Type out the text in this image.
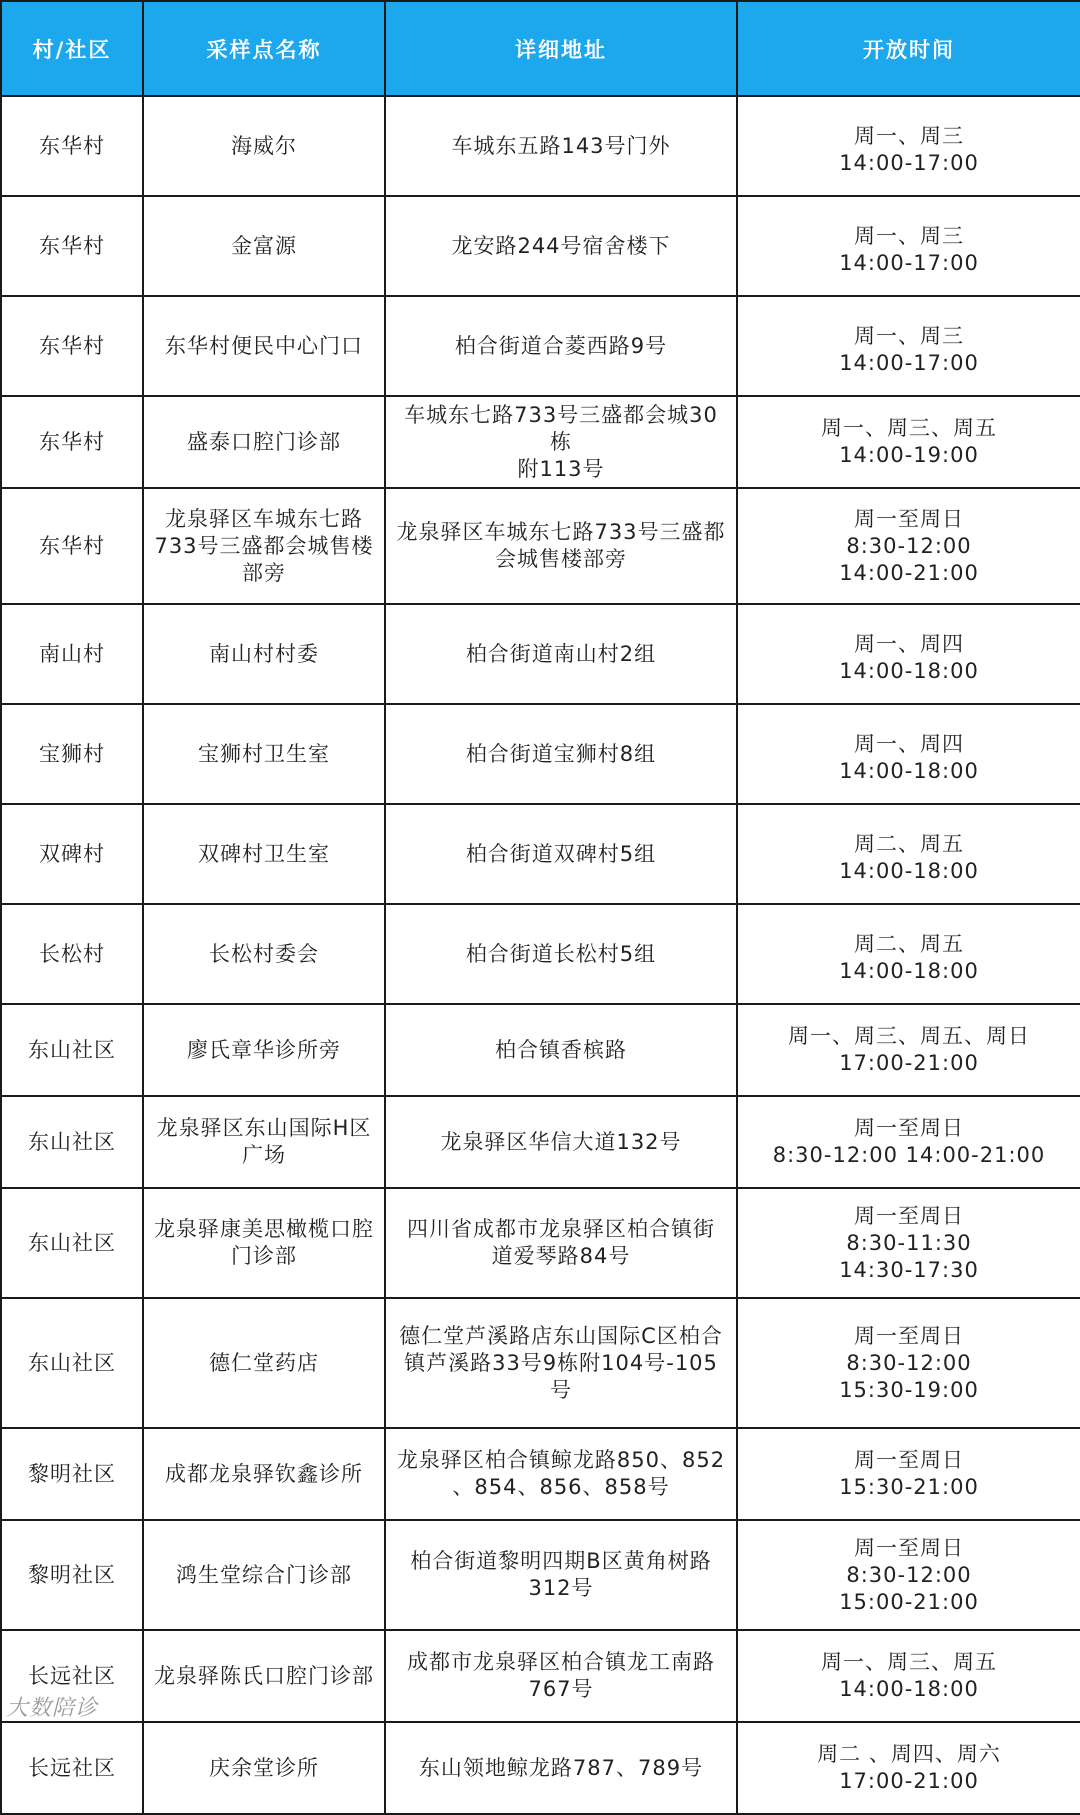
村/社区	采样点名称	详细地址	开放时间
东华村	海威尔	车城东五路143号门外	周一、周三
14:00-17:00
东华村	金富源	龙安路244号宿舍楼下	周一、周三
14:00-17:00
东华村	东华村便民中心门口	柏合街道合菱西路9号	周一、周三
14:00-17:00
东华村	盛泰口腔门诊部	车城东七路733号三盛都会城30栋
附113号	周一、周三、周五
14:00-19:00
东华村	龙泉驿区车城东七路
733号三盛都会城售楼
部旁	龙泉驿区车城东七路733号三盛都
会城售楼部旁	周一至周日
8:30-12:00
14:00-21:00
南山村	南山村村委	柏合街道南山村2组	周一、周四
14:00-18:00
宝狮村	宝狮村卫生室	柏合街道宝狮村8组	周一、周四
14:00-18:00
双碑村	双碑村卫生室	柏合街道双碑村5组	周二、周五
14:00-18:00
长松村	长松村委会	柏合街道长松村5组	周二、周五
14:00-18:00
东山社区	廖氏章华诊所旁	柏合镇香槟路	周一、周三、周五、周日
17:00-21:00
东山社区	龙泉驿区东山国际H区
广场	龙泉驿区华信大道132号	周一至周日
8:30-12:00 14:00-21:00
东山社区	龙泉驿康美思橄榄口腔
门诊部	四川省成都市龙泉驿区柏合镇街
道爱琴路84号	周一至周日
8:30-11:30
14:30-17:30
东山社区	德仁堂药店	德仁堂芦溪路店东山国际C区柏合
镇芦溪路33号9栋附104号-105号	周一至周日
8:30-12:00
15:30-19:00
黎明社区	成都龙泉驿钦鑫诊所	龙泉驿区柏合镇鲸龙路850、852
、854、856、858号	周一至周日
15:30-21:00
黎明社区	鸿生堂综合门诊部	柏合街道黎明四期B区黄角树路
312号	周一至周日
8:30-12:00
15:00-21:00
长远社区	龙泉驿陈氏口腔门诊部	成都市龙泉驿区柏合镇龙工南路
767号	周一、周三、周五
14:00-18:00
长远社区	庆余堂诊所	东山领地鲸龙路787、789号	周二 、周四、周六
17:00-21:00
大数陪诊
